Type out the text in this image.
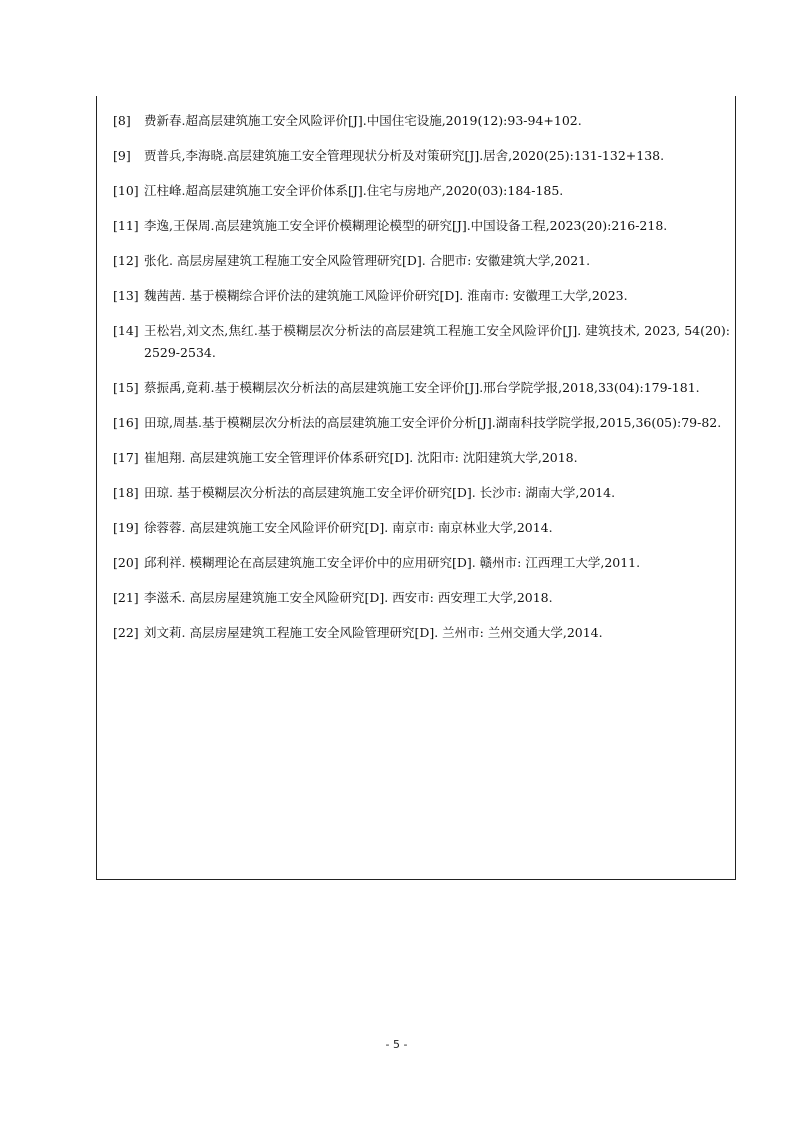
[8] 费新春.超高层建筑施工安全风险评价[J].中国住宅设施,2019(12):93-94+102.
[9] 贾普兵,李海晓.高层建筑施工安全管理现状分析及对策研究[J].居舍,2020(25):131-132+138.
[10] 江柱峰.超高层建筑施工安全评价体系[J].住宅与房地产,2020(03):184-185.
[11] 李逸,王保周.高层建筑施工安全评价模糊理论模型的研究[J].中国设备工程,2023(20):216-218.
[12] 张化. 高层房屋建筑工程施工安全风险管理研究[D]. 合肥市: 安徽建筑大学,2021.
[13] 魏茜茜. 基于模糊综合评价法的建筑施工风险评价研究[D]. 淮南市: 安徽理工大学,2023.
[14] 王松岩,刘文杰,焦红.基于模糊层次分析法的高层建筑工程施工安全风险评价[J]. 建筑技术, 2023, 54(20): 2529-2534.
[15] 蔡振禹,竟莉.基于模糊层次分析法的高层建筑施工安全评价[J].邢台学院学报,2018,33(04):179-181.
[16] 田琼,周基.基于模糊层次分析法的高层建筑施工安全评价分析[J].湖南科技学院学报,2015,36(05):79-82.
[17] 崔旭翔. 高层建筑施工安全管理评价体系研究[D]. 沈阳市: 沈阳建筑大学,2018.
[18] 田琼. 基于模糊层次分析法的高层建筑施工安全评价研究[D]. 长沙市: 湖南大学,2014.
[19] 徐蓉蓉. 高层建筑施工安全风险评价研究[D]. 南京市: 南京林业大学,2014.
[20] 邱利祥. 模糊理论在高层建筑施工安全评价中的应用研究[D]. 赣州市: 江西理工大学,2011.
[21] 李滋禾. 高层房屋建筑施工安全风险研究[D]. 西安市: 西安理工大学,2018.
[22] 刘文莉. 高层房屋建筑工程施工安全风险管理研究[D]. 兰州市: 兰州交通大学,2014.
- 5 -
